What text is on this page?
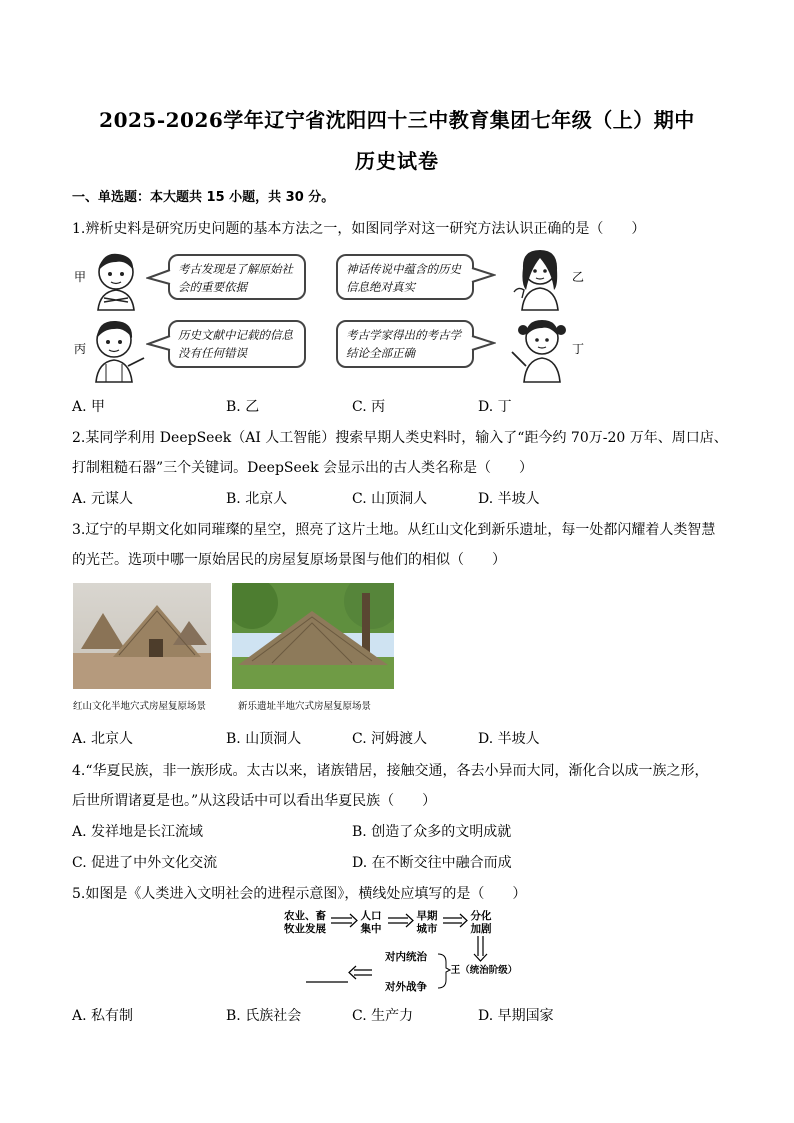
2025-2026学年辽宁省沈阳四十三中教育集团七年级（上）期中
历史试卷
一、单选题：本大题共 15 小题，共 30 分。
1.辨析史料是研究历史问题的基本方法之一，如图同学对这一研究方法认识正确的是（　　）
甲	乙
丙	丁
考古发现是了解原始社会的重要依据
神话传说中蕴含的历史信息绝对真实
历史文献中记载的信息没有任何错误
考古学家得出的考古学结论全部正确
A. 甲	B. 乙	C. 丙	D. 丁
2.某同学利用 DeepSeek（AI 人工智能）搜索早期人类史料时，输入了“距今约 70万-20 万年、周口店、
打制粗糙石器”三个关键词。DeepSeek 会显示出的古人类名称是（　　）
A. 元谋人	B. 北京人	C. 山顶洞人	D. 半坡人
3.辽宁的早期文化如同璀璨的星空，照亮了这片土地。从红山文化到新乐遗址，每一处都闪耀着人类智慧
的光芒。选项中哪一原始居民的房屋复原场景图与他们的相似（　　）
红山文化半地穴式房屋复原场景	新乐遗址半地穴式房屋复原场景
A. 北京人	B. 山顶洞人	C. 河姆渡人	D. 半坡人
4.“华夏民族，非一族形成。太古以来，诸族错居，接触交通，各去小异而大同，渐化合以成一族之形，
后世所谓诸夏是也。”从这段话中可以看出华夏民族（　　）
A. 发祥地是长江流域	B. 创造了众多的文明成就
C. 促进了中外文化交流	D. 在不断交往中融合而成
5.如图是《人类进入文明社会的进程示意图》，横线处应填写的是（　　）
农业、畜
牧业发展
人口
集中
早期
城市
分化
加剧
王（统治阶级）
对内统治
对外战争
A. 私有制	B. 氏族社会	C. 生产力	D. 早期国家
